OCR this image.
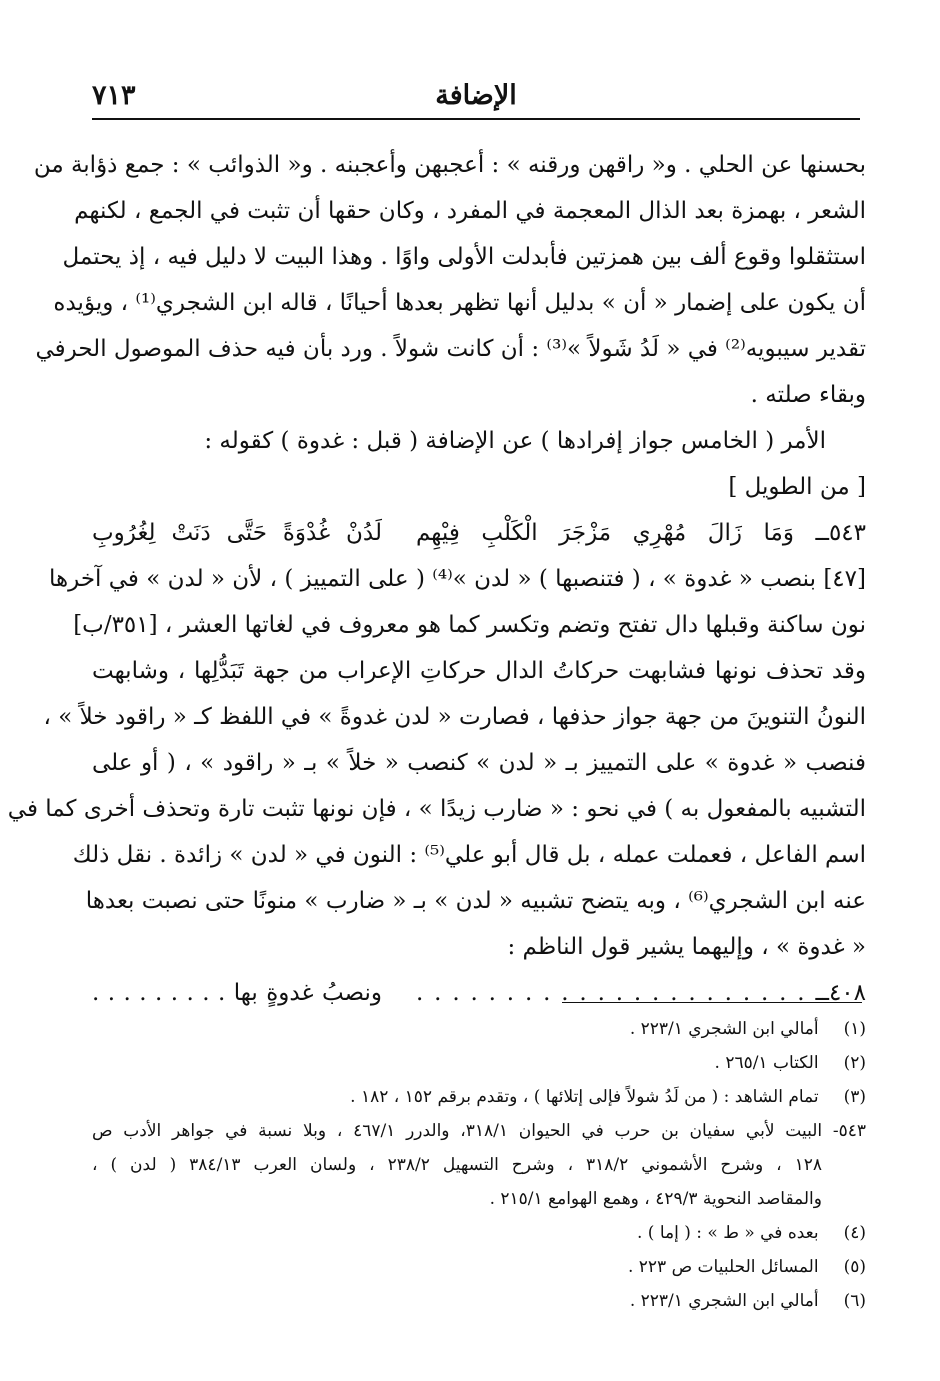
الإضافة
٧١٣
بحسنها عن الحلي . و« راقهن ورقنه » : أعجبهن وأعجبنه . و« الذوائب » : جمع ذؤابة من
الشعر ، بهمزة بعد الذال المعجمة في المفرد ، وكان حقها أن تثبت في الجمع ، لكنهم
استثقلوا وقوع ألف بين همزتين فأبدلت الأولى واوًا . وهذا البيت لا دليل فيه ، إذ يحتمل
أن يكون على إضمار « أن » بدليل أنها تظهر بعدها أحيانًا ، قاله ابن الشجري⁽¹⁾ ، ويؤيده
تقدير سيبويه⁽²⁾ في « لَدُ شَولاً »⁽³⁾ : أن كانت شولاً . ورد بأن فيه حذف الموصول الحرفي
وبقاء صلته .
الأمر ( الخامس جواز إفرادها ) عن الإضافة ( قبل : غدوة ) كقوله :
[ من الطويل ]
٥٤٣ــ وَمَا زَالَ مُهْرِي مَزْجَرَ الْكَلْبِ فِيْهِم
لَدُنْ غُدْوَةً حَتَّى دَنَتْ لِغُرُوبِ
[٤٧] بنصب « غدوة » ، ( فتنصبها ) « لدن »⁽⁴⁾ ( على التمييز ) ، لأن « لدن » في آخرها
نون ساكنة وقبلها دال تفتح وتضم وتكسر كما هو معروف في لغاتها العشر ، [٣٥١/ب]
وقد تحذف نونها فشابهت حركاتُ الدال حركاتِ الإعراب من جهة تَبَدُّلِها ، وشابهت
النونُ التنوينَ من جهة جواز حذفها ، فصارت « لدن غدوةً » في اللفظ كـ « راقود خلاً » ،
فنصب « غدوة » على التمييز بـ « لدن » كنصب « خلاً » بـ « راقود » ، ( أو على
التشبيه بالمفعول به ) في نحو : « ضارب زيدًا » ، فإن نونها تثبت تارة وتحذف أخرى كما في
اسم الفاعل ، فعملت عمله ، بل قال أبو علي⁽⁵⁾ : النون في « لدن » زائدة . نقل ذلك
عنه ابن الشجري⁽⁶⁾ ، وبه يتضح تشبيه « لدن » بـ « ضارب » منونًا حتى نصبت بعدها
« غدوة » ، وإليهما يشير قول الناظم :
٤٠٨ــ . . . . . . . . . . . . . . . . . . . . . .
ونصبُ غدوةٍ بها . . . . . . . . .
(١) أمالي ابن الشجري ٢٢٣/١ .
(٢) الكتاب ٢٦٥/١ .
(٣) تمام الشاهد : ( من لَدُ شولاً فإلى إتلائها ) ، وتقدم برقم ١٥٢ ، ١٨٢ .
٥٤٣- البيت لأبي سفيان بن حرب في الحيوان ٣١٨/١، والدرر ٤٦٧/١ ، وبلا نسبة في جواهر الأدب ص
١٢٨ ، وشرح الأشموني ٣١٨/٢ ، وشرح التسهيل ٢٣٨/٢ ، ولسان العرب ٣٨٤/١٣ ( لدن ) ،
والمقاصد النحوية ٤٢٩/٣ ، وهمع الهوامع ٢١٥/١ .
(٤) بعده في « ط » : ( إما ) .
(٥) المسائل الحلبيات ص ٢٢٣ .
(٦) أمالي ابن الشجري ٢٢٣/١ .
